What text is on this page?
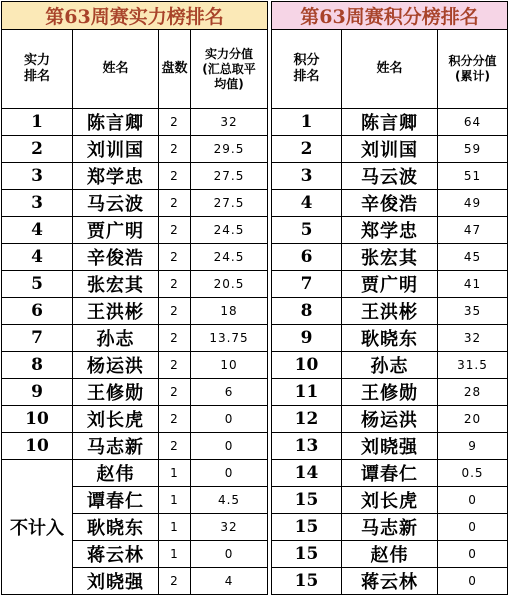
第63周赛实力榜排名			
实力排名	姓名	盘数	实力分值(汇总取平均值)
1	陈言卿	2	32
2	刘训国	2	29.5
3	郑学忠	2	27.5
3	马云波	2	27.5
4	贾广明	2	24.5
4	辛俊浩	2	24.5
5	张宏其	2	20.5
6	王洪彬	2	18
7	孙志	2	13.75
8	杨运洪	2	10
9	王修勋	2	6
10	刘长虎	2	0
10	马志新	2	0
不计入	赵伟	1	0
	谭春仁	1	4.5
	耿晓东	1	32
	蒋云林	1	0
	刘晓强	2	4
第63周赛积分榜排名		
积分排名	姓名	积分分值(累计)
1	陈言卿	64
2	刘训国	59
3	马云波	51
4	辛俊浩	49
5	郑学忠	47
6	张宏其	45
7	贾广明	41
8	王洪彬	35
9	耿晓东	32
10	孙志	31.5
11	王修勋	28
12	杨运洪	20
13	刘晓强	9
14	谭春仁	0.5
15	刘长虎	0
15	马志新	0
15	赵伟	0
15	蒋云林	0
